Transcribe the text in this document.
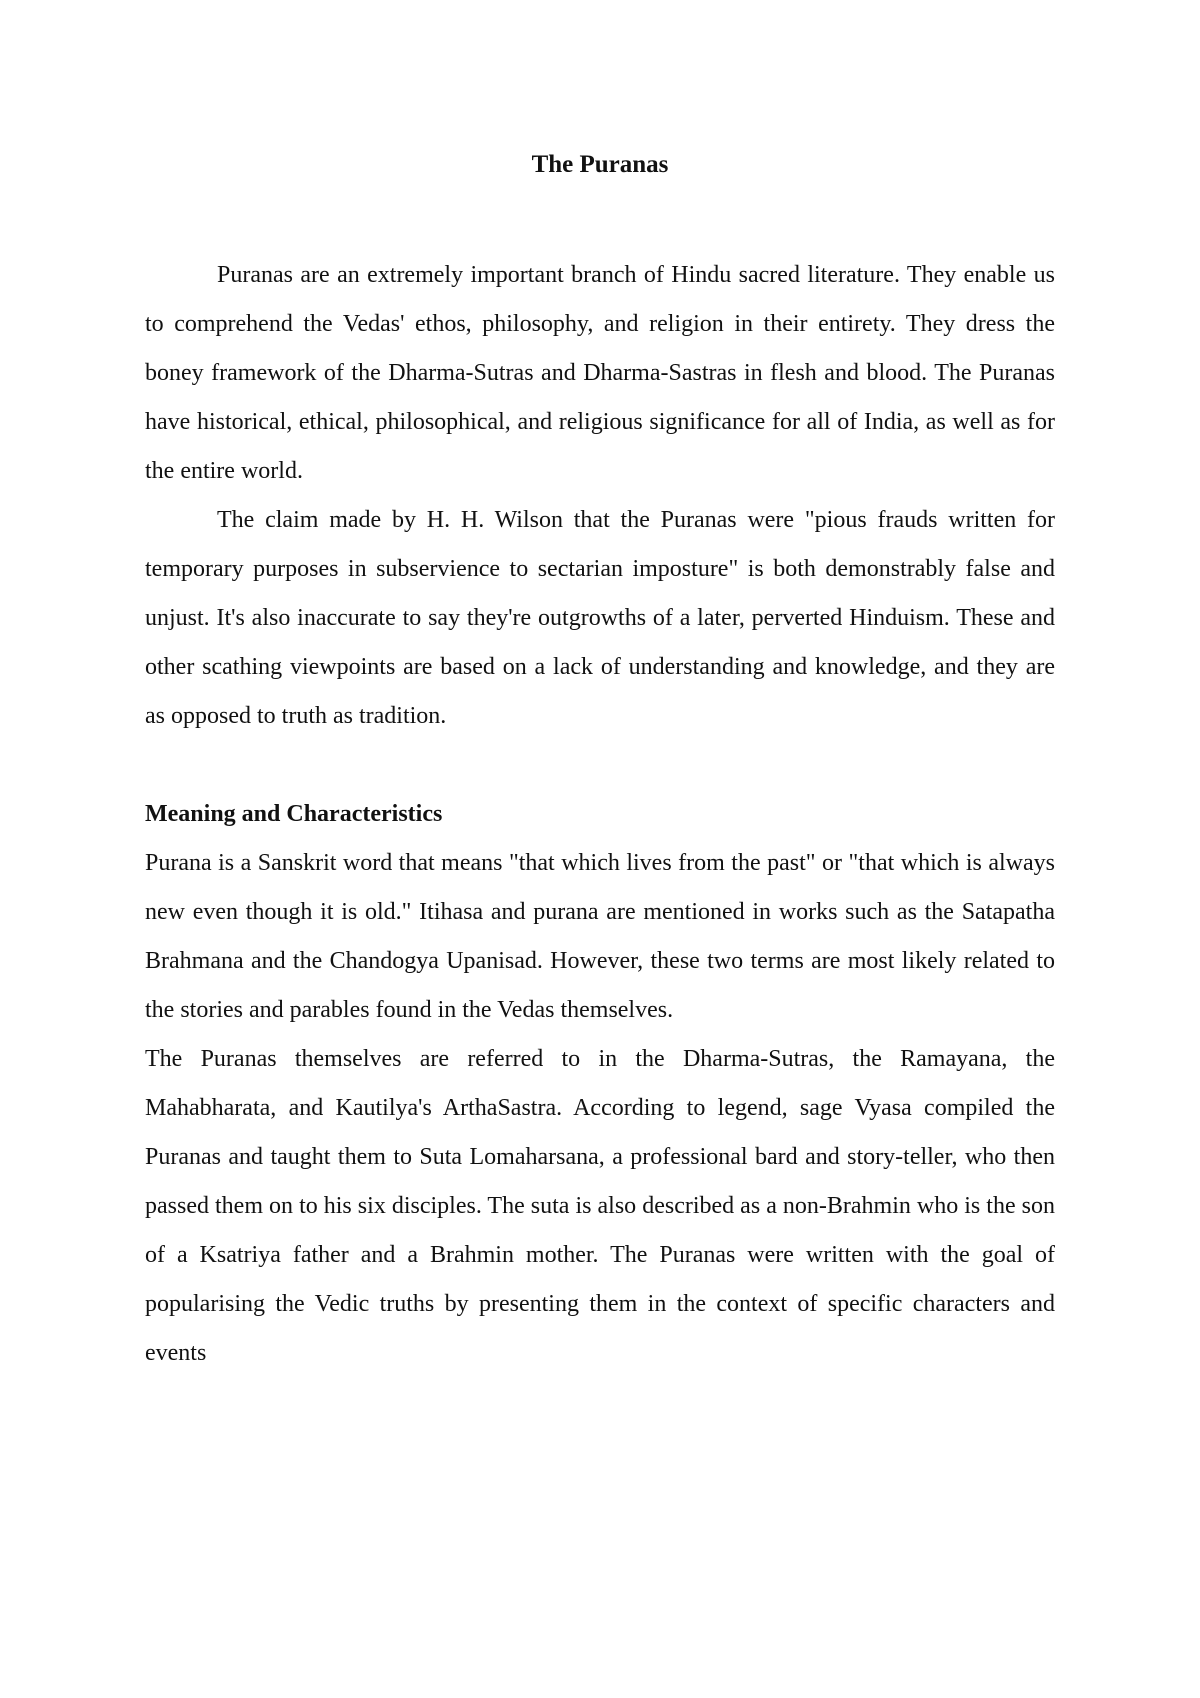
The Puranas

Puranas are an extremely important branch of Hindu sacred literature. They enable us to comprehend the Vedas' ethos, philosophy, and religion in their entirety. They dress the boney framework of the Dharma-Sutras and Dharma-Sastras in flesh and blood. The Puranas have historical, ethical, philosophical, and religious significance for all of India, as well as for the entire world.

The claim made by H. H. Wilson that the Puranas were "pious frauds written for temporary purposes in subservience to sectarian imposture" is both demonstrably false and unjust. It's also inaccurate to say they're outgrowths of a later, perverted Hinduism. These and other scathing viewpoints are based on a lack of understanding and knowledge, and they are as opposed to truth as tradition.

Meaning and Characteristics

Purana is a Sanskrit word that means "that which lives from the past" or "that which is always new even though it is old." Itihasa and purana are mentioned in works such as the Satapatha Brahmana and the Chandogya Upanisad. However, these two terms are most likely related to the stories and parables found in the Vedas themselves.

The Puranas themselves are referred to in the Dharma-Sutras, the Ramayana, the Mahabharata, and Kautilya's ArthaSastra. According to legend, sage Vyasa compiled the Puranas and taught them to Suta Lomaharsana, a professional bard and story-teller, who then passed them on to his six disciples. The suta is also described as a non-Brahmin who is the son of a Ksatriya father and a Brahmin mother. The Puranas were written with the goal of popularising the Vedic truths by presenting them in the context of specific characters and events
